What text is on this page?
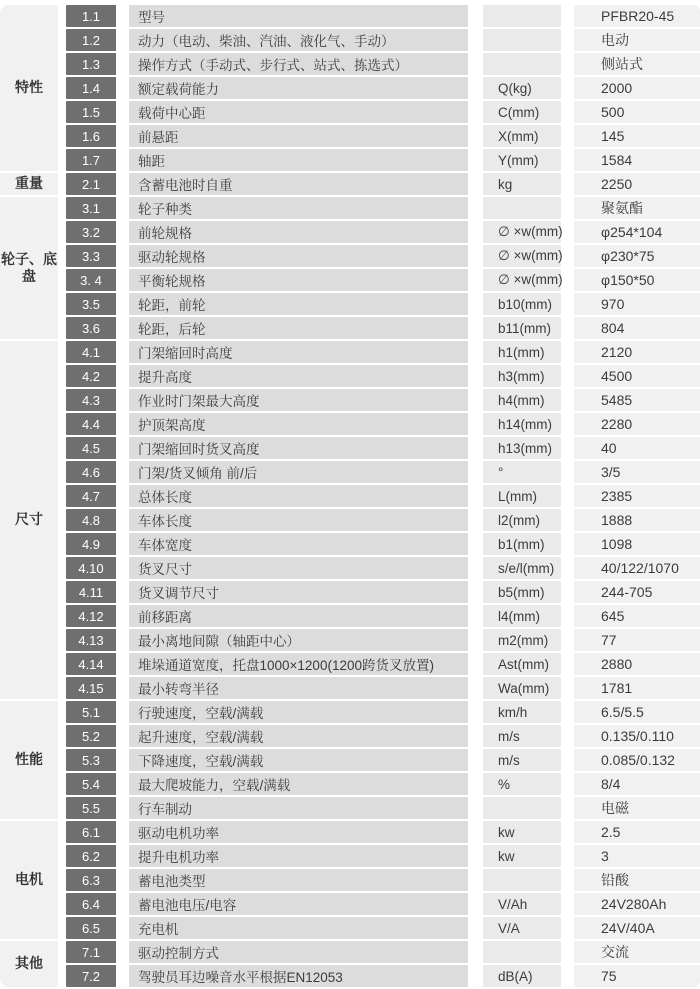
特性	1.1	型号		PFBR20-45
	1.2	动力（电动、柴油、汽油、液化气、手动）		电动
	1.3	操作方式（手动式、步行式、站式、拣选式）		侧站式
	1.4	额定载荷能力	Q(kg)	2000
	1.5	载荷中心距	C(mm)	500
	1.6	前悬距	X(mm)	145
	1.7	轴距	Y(mm)	1584
重量	2.1	含蓄电池时自重	kg	2250
轮子、底盘	3.1	轮子种类		聚氨酯
	3.2	前轮规格	∅ ×w(mm)	φ254*104
	3.3	驱动轮规格	∅ ×w(mm)	φ230*75
	3. 4	平衡轮规格	∅ ×w(mm)	φ150*50
	3.5	轮距，前轮	b10(mm)	970
	3.6	轮距，后轮	b11(mm)	804
尺寸	4.1	门架缩回时高度	h1(mm)	2120
	4.2	提升高度	h3(mm)	4500
	4.3	作业时门架最大高度	h4(mm)	5485
	4.4	护顶架高度	h14(mm)	2280
	4.5	门架缩回时货叉高度	h13(mm)	40
	4.6	门架/货叉倾角 前/后	°	3/5
	4.7	总体长度	L(mm)	2385
	4.8	车体长度	l2(mm)	1888
	4.9	车体宽度	b1(mm)	1098
	4.10	货叉尺寸	s/e/l(mm)	40/122/1070
	4.11	货叉调节尺寸	b5(mm)	244-705
	4.12	前移距离	l4(mm)	645
	4.13	最小离地间隙（轴距中心）	m2(mm)	77
	4.14	堆垛通道宽度，托盘1000×1200(1200跨货叉放置)	Ast(mm)	2880
	4.15	最小转弯半径	Wa(mm)	1781
性能	5.1	行驶速度，空载/满载	km/h	6.5/5.5
	5.2	起升速度，空载/满载	m/s	0.135/0.110
	5.3	下降速度，空载/满载	m/s	0.085/0.132
	5.4	最大爬坡能力，空载/满载	%	8/4
	5.5	行车制动		电磁
电机	6.1	驱动电机功率	kw	2.5
	6.2	提升电机功率	kw	3
	6.3	蓄电池类型		铅酸
	6.4	蓄电池电压/电容	V/Ah	24V280Ah
	6.5	充电机	V/A	24V/40A
其他	7.1	驱动控制方式		交流
	7.2	驾驶员耳边噪音水平根据EN12053	dB(A)	75
